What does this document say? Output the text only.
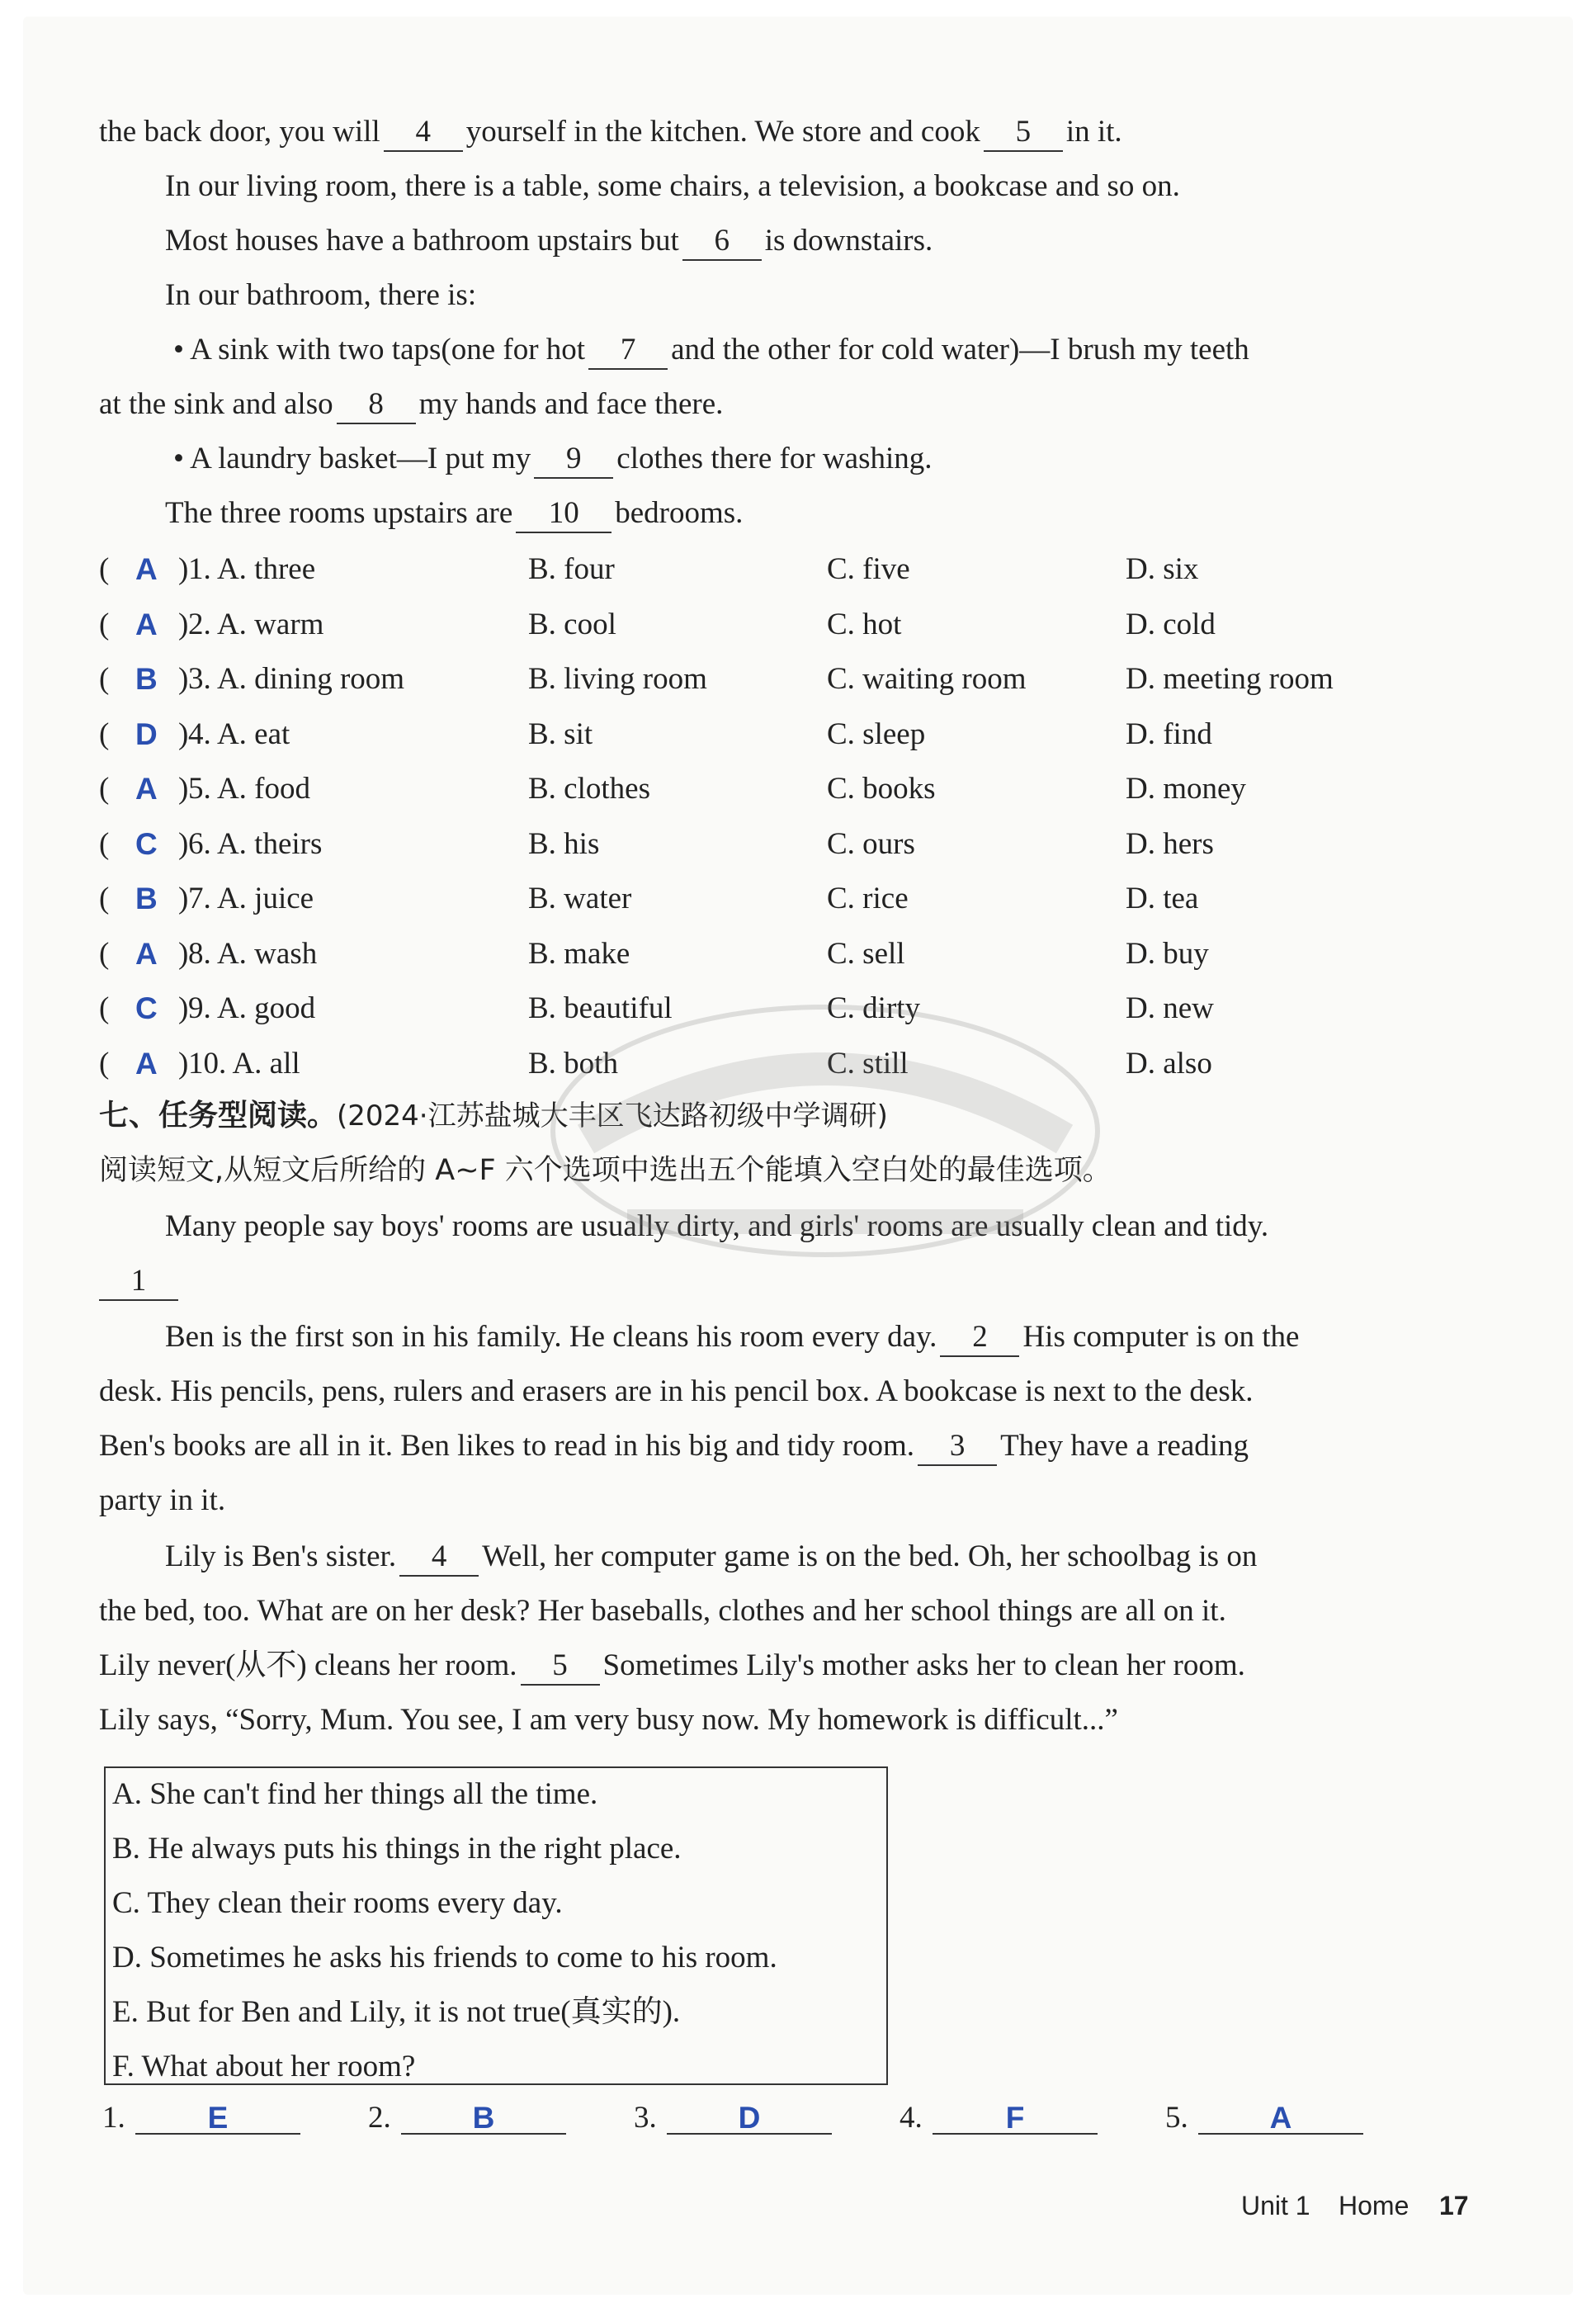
the back door, you will 4 yourself in the kitchen. We store and cook 5 in it.
In our living room, there is a table, some chairs, a television, a bookcase and so on.
Most houses have a bathroom upstairs but 6 is downstairs.
In our bathroom, there is:
• A sink with two taps(one for hot 7 and the other for cold water)—I brush my teeth
at the sink and also 8 my hands and face there.
• A laundry basket—I put my 9 clothes there for washing.
The three rooms upstairs are 10 bedrooms.
( A ) 1. A. three	B. four	C. five	D. six
( A ) 2. A. warm	B. cool	C. hot	D. cold
( B ) 3. A. dining room	B. living room	C. waiting room	D. meeting room
( D ) 4. A. eat	B. sit	C. sleep	D. find
( A ) 5. A. food	B. clothes	C. books	D. money
( C ) 6. A. theirs	B. his	C. ours	D. hers
( B ) 7. A. juice	B. water	C. rice	D. tea
( A ) 8. A. wash	B. make	C. sell	D. buy
( C ) 9. A. good	B. beautiful	C. dirty	D. new
( A ) 10. A. all	B. both	C. still	D. also
七、任务型阅读。(2024·江苏盐城大丰区飞达路初级中学调研)
阅读短文,从短文后所给的 A~F 六个选项中选出五个能填入空白处的最佳选项。
Many people say boys' rooms are usually dirty, and girls' rooms are usually clean and tidy.
1
Ben is the first son in his family. He cleans his room every day. 2 His computer is on the
desk. His pencils, pens, rulers and erasers are in his pencil box. A bookcase is next to the desk.
Ben's books are all in it. Ben likes to read in his big and tidy room. 3 They have a reading
party in it.
Lily is Ben's sister. 4 Well, her computer game is on the bed. Oh, her schoolbag is on
the bed, too. What are on her desk? Her baseballs, clothes and her school things are all on it.
Lily never(从不) cleans her room. 5 Sometimes Lily's mother asks her to clean her room.
Lily says, “Sorry, Mum. You see, I am very busy now. My homework is difficult...”
A. She can't find her things all the time.
B. He always puts his things in the right place.
C. They clean their rooms every day.
D. Sometimes he asks his friends to come to his room.
E. But for Ben and Lily, it is not true(真实的).
F. What about her room?
1.	E	2.	B	3.	D	4.	F	5.	A
Unit 1 Home 17
